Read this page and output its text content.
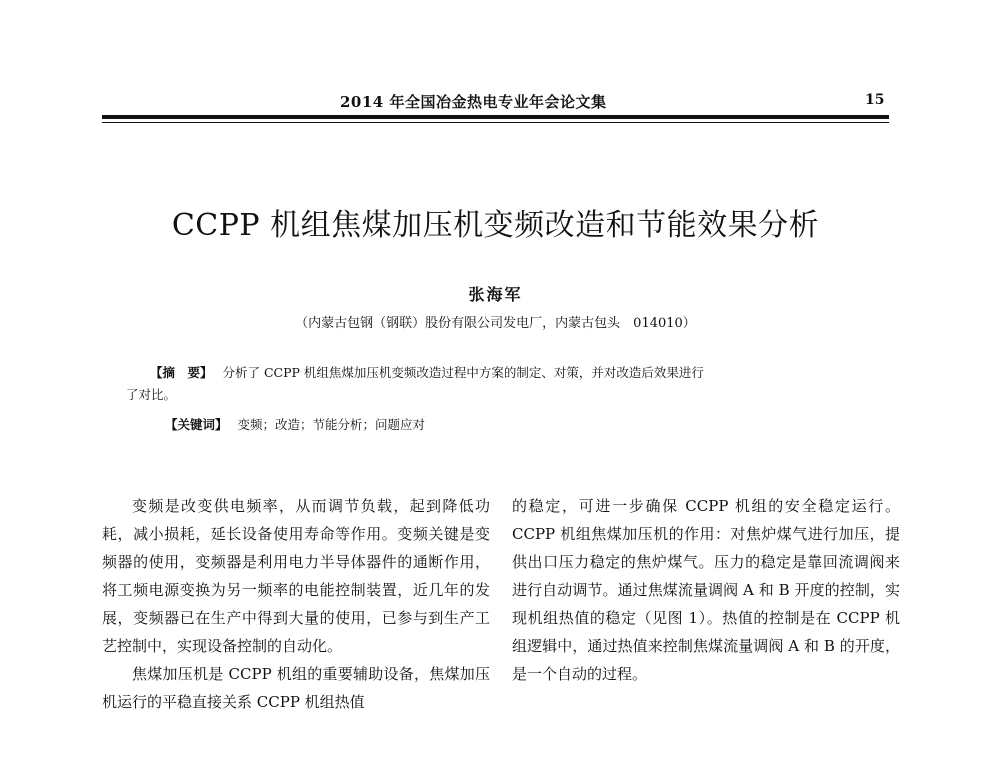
2014 年全国冶金热电专业年会论文集	15
CCPP 机组焦煤加压机变频改造和节能效果分析
张海军
（内蒙古包钢（钢联）股份有限公司发电厂，内蒙古包头　014010）
【摘　要】 分析了 CCPP 机组焦煤加压机变频改造过程中方案的制定、对策，并对改造后效果进行
了对比。
【关键词】 变频；改造；节能分析；问题应对

变频是改变供电频率，从而调节负载，起到降低功耗，减小损耗，延长设备使用寿命等作用。变频关键是变频器的使用，变频器是利用电力半导体器件的通断作用，将工频电源变换为另一频率的电能控制装置，近几年的发展，变频器已在生产中得到大量的使用，已参与到生产工艺控制中，实现设备控制的自动化。

焦煤加压机是 CCPP 机组的重要辅助设备，焦煤加压机运行的平稳直接关系 CCPP 机组热值

的稳定，可进一步确保 CCPP 机组的安全稳定运行。CCPP 机组焦煤加压机的作用：对焦炉煤气进行加压，提供出口压力稳定的焦炉煤气。压力的稳定是靠回流调阀来进行自动调节。通过焦煤流量调阀 A 和 B 开度的控制，实现机组热值的稳定（见图 1）。热值的控制是在 CCPP 机组逻辑中，通过热值来控制焦煤流量调阀 A 和 B 的开度，是一个自动的过程。
